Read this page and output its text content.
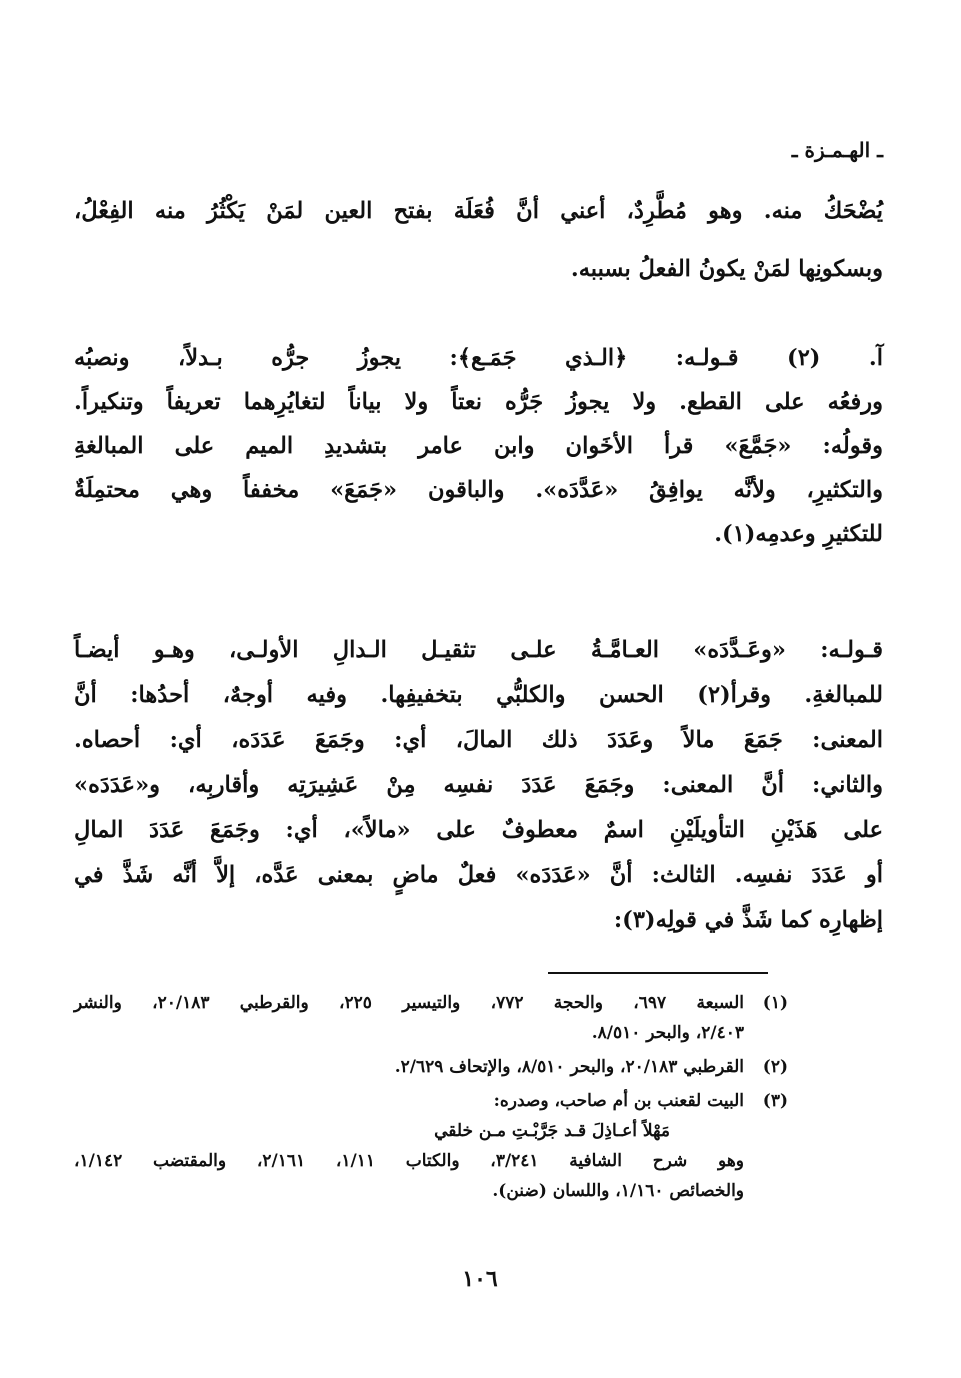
ـ الهـمـزة ـ
يُضْحَكُ منه. وهو مُطَّرِدٌ، أعني أنَّ فُعَلَة بفتح العين لمَنْ يَكْثُرُ منه الفِعْلُ،
وبسكونِها لمَنْ يكونُ الفعلُ بسببه.
آ. (٢) قـولـه: ﴿الـذي جَمَـع﴾: يجوزُ جرُّه بـدلاً، ونصبُه
ورفعُه على القطع. ولا يجوزُ جَرُّه نعتاً ولا بياناً لتغايُرِهما تعريفاً وتنكيراً.
وقولُه: «جَمَّعَ» قرأ الأخَوان وابن عامر بتشديدِ الميم على المبالغةِ
والتكثيرِ، ولأنَّه يوافِقُ «عَدَّدَه». والباقون «جَمَعَ» مخففاً وهي محتمِلَةٌ
للتكثيرِ وعدمِه(١).
قـولـه: «وعَـدَّدَه» العـامَّـةُ علـى تثقيـل الـدالِ الأولـى، وهـو أيضـاً
للمبالغةِ. وقرأ(٢) الحسن والكلبُّي بتخفيفِها. وفيه أوجهٌ، أحدُها: أنَّ
المعنى: جَمَعَ مالاً وعَدَدَ ذلك المالَ، أي: وجَمَعَ عَدَدَه، أي: أحصاه.
والثاني: أنَّ المعنى: وجَمَعَ عَدَدَ نفسِه مِنْ عَشِيرَتِه وأقاربِه، و«عَدَدَه»
على هَذَيْنِ التأويلَيْنِ اسمٌ معطوفٌ على «مالاً»، أي: وجَمَعَ عَدَدَ المالِ
أو عَدَدَ نفسِه. الثالث: أنَّ «عَدَدَه» فعلٌ ماضٍ بمعنى عَدَّه، إلاَّ أنَّه شَذَّ في
إظهارِه كما شَذَّ في قولِه(٣):
(١)
السبعة ٦٩٧، والحجة ٧٧٢، والتيسير ٢٢٥، والقرطبي ٢٠/١٨٣، والنشر
٢/٤٠٣، والبحر ٨/٥١٠.
(٢)
القرطبي ٢٠/١٨٣، والبحر ٨/٥١٠، والإتحاف ٢/٦٢٩.
(٣)
البيت لقعنب بن أم صاحب، وصدره:
مَهْلاً أعـاذِلَ قـد جَرَّبْـتِ مـن خلقي
وهو شرح الشافية ٣/٢٤١، والكتاب ١/١١، ٢/١٦١، والمقتضب ١/١٤٢،
والخصائص ١/١٦٠، واللسان (ضنن).
١٠٦
